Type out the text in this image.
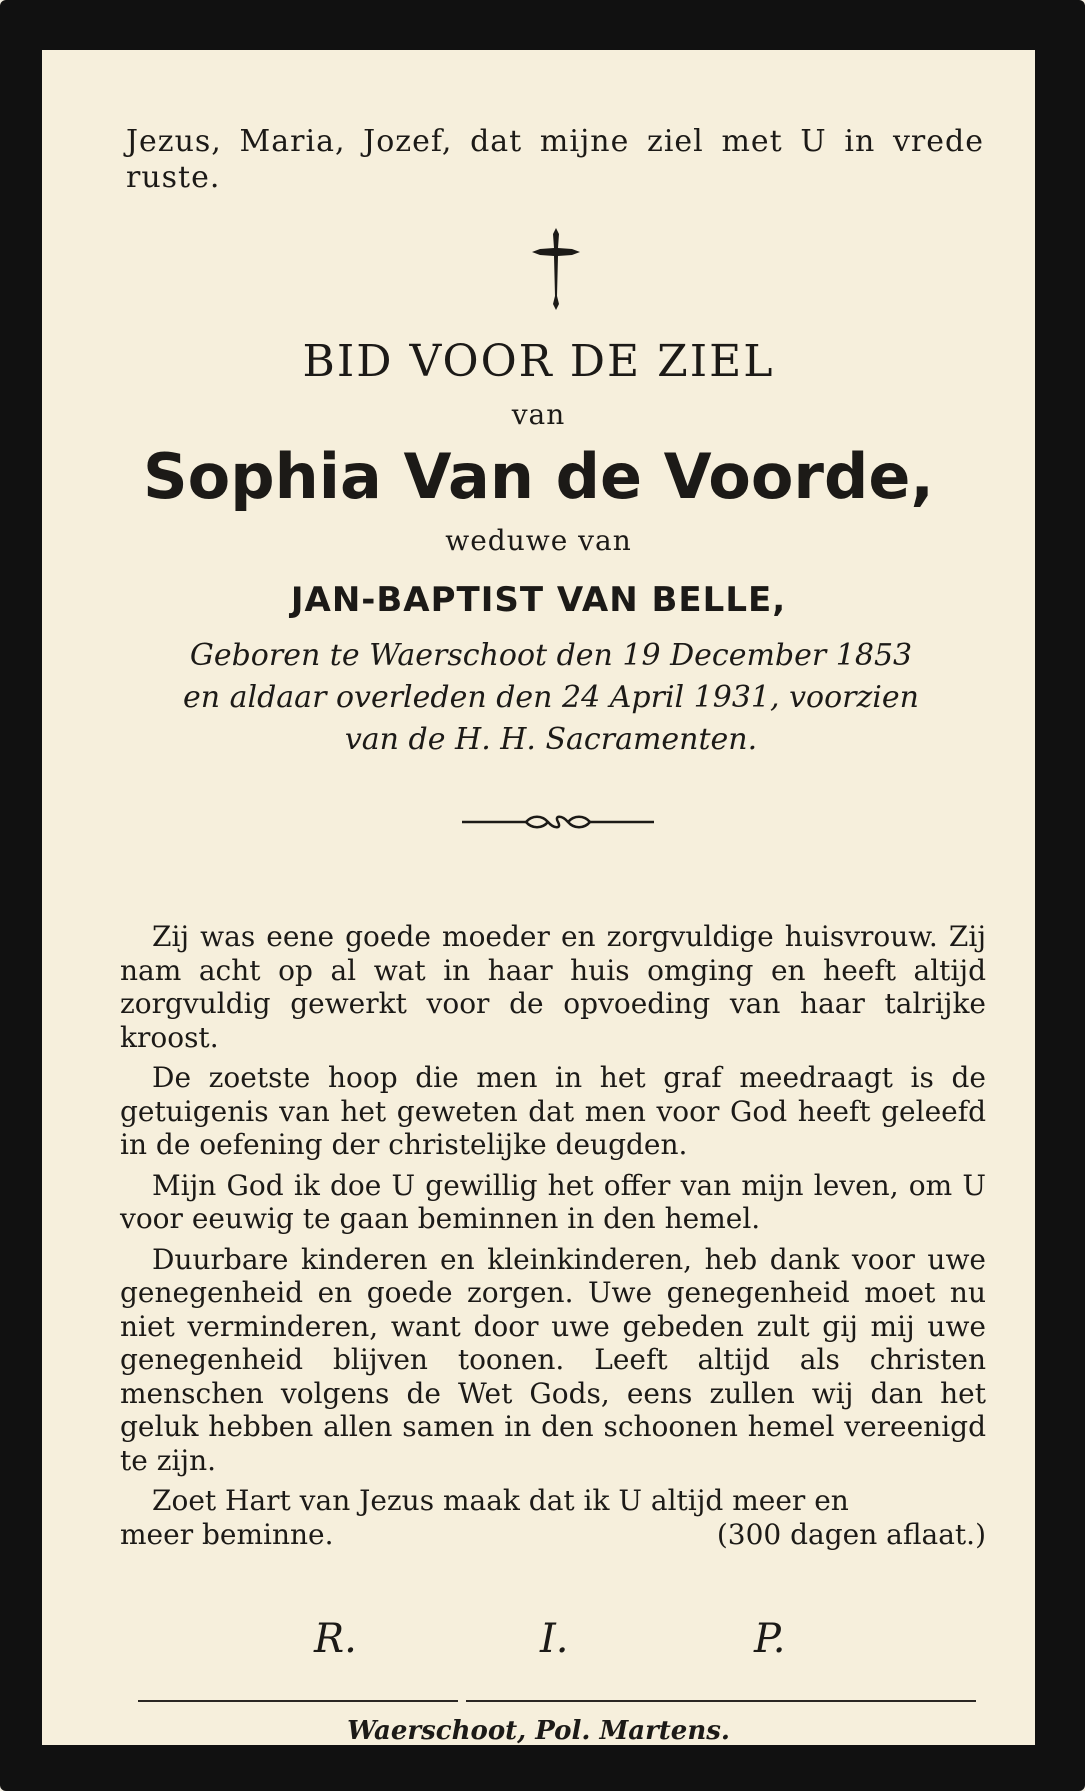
Jezus, Maria, Jozef, dat mijne ziel met U in vrede ruste.
BID VOOR DE ZIEL
van
Sophia Van de Voorde,
weduwe van
JAN-BAPTIST VAN BELLE,
Geboren te Waerschoot den 19 December 1853
en aldaar overleden den 24 April 1931, voorzien
van de H. H. Sacramenten.

Zij was eene goede moeder en zorgvuldige huisvrouw. Zij nam acht op al wat in haar huis omging en heeft altijd zorgvuldig gewerkt voor de opvoeding van haar talrijke kroost.

De zoetste hoop die men in het graf meedraagt is de getuigenis van het geweten dat men voor God heeft geleefd in de oefening der christelijke deugden.

Mijn God ik doe U gewillig het offer van mijn leven, om U voor eeuwig te gaan beminnen in den hemel.

Duurbare kinderen en kleinkinderen, heb dank voor uwe genegenheid en goede zorgen. Uwe genegenheid moet nu niet verminderen, want door uwe gebeden zult gij mij uwe genegenheid blijven toonen. Leeft altijd als christen menschen volgens de Wet Gods, eens zullen wij dan het geluk hebben allen samen in den schoonen hemel vereenigd te zijn.

Zoet Hart van Jezus maak dat ik U altijd meer en

meer beminne.	(300 dagen aflaat.)
R.	I.	P.
Waerschoot, Pol. Martens.
